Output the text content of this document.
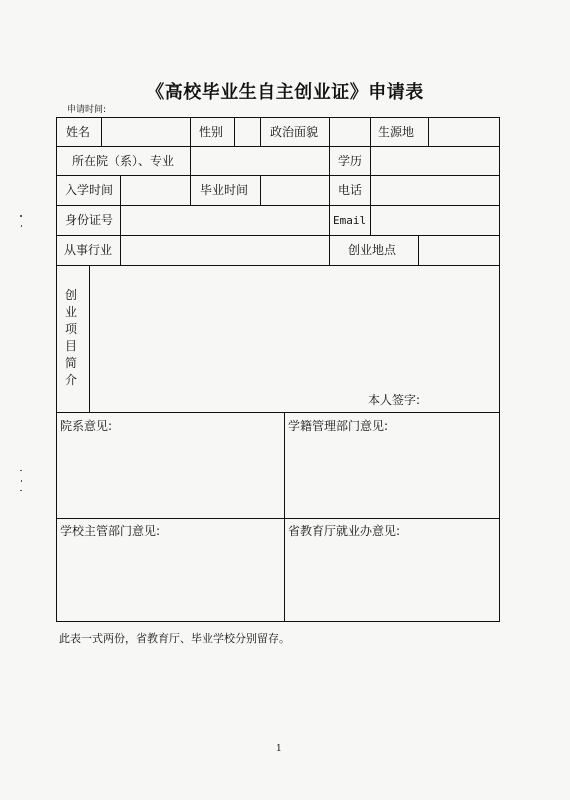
《高校毕业生自主创业证》申请表
申请时间:
姓名	性别	政治面貌	生源地
所在院（系）、专业	学历
入学时间	毕业时间	电话
身份证号	Email
从事行业	创业地点
创业项目简介
本人签字:
院系意见:	学籍管理部门意见:
学校主管部门意见:	省教育厅就业办意见:
此表一式两份，省教育厅、毕业学校分别留存。
1
